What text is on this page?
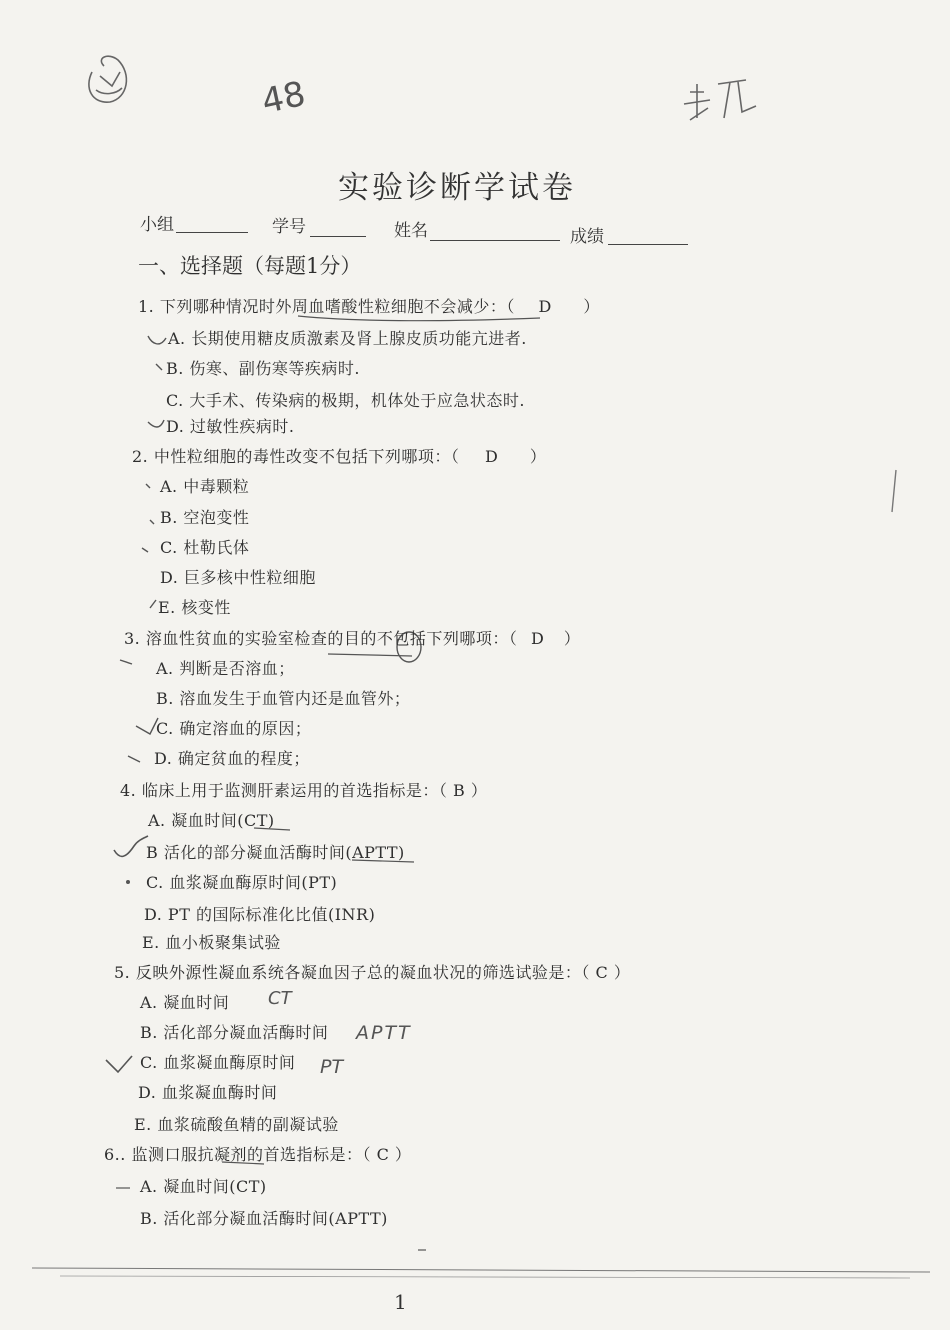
48
实验诊断学试卷
小组	学号	姓名	成绩
一、选择题（每题1分）
1. 下列哪种情况时外周血嗜酸性粒细胞不会减少：（ D ）
A. 长期使用糖皮质激素及肾上腺皮质功能亢进者.
B. 伤寒、副伤寒等疾病时.
C. 大手术、传染病的极期，机体处于应急状态时.
D. 过敏性疾病时.
2. 中性粒细胞的毒性改变不包括下列哪项：（ D ）
A. 中毒颗粒
B. 空泡变性
C. 杜勒氏体
D. 巨多核中性粒细胞
E. 核变性
3. 溶血性贫血的实验室检查的目的不包括下列哪项：（ D ）
A. 判断是否溶血；
B. 溶血发生于血管内还是血管外；
C. 确定溶血的原因；
D. 确定贫血的程度；
4. 临床上用于监测肝素运用的首选指标是：（ B ）
A. 凝血时间(CT)
B 活化的部分凝血活酶时间(APTT)
C. 血浆凝血酶原时间(PT)
D. PT 的国际标准化比值(INR)
E. 血小板聚集试验
5. 反映外源性凝血系统各凝血因子总的凝血状况的筛选试验是：（ C ）
A. 凝血时间 CT
B. 活化部分凝血活酶时间 APTT
C. 血浆凝血酶原时间 PT
D. 血浆凝血酶时间
E. 血浆硫酸鱼精的副凝试验
6.. 监测口服抗凝剂的首选指标是：（ C ）
A. 凝血时间(CT)
B. 活化部分凝血活酶时间(APTT)
1
